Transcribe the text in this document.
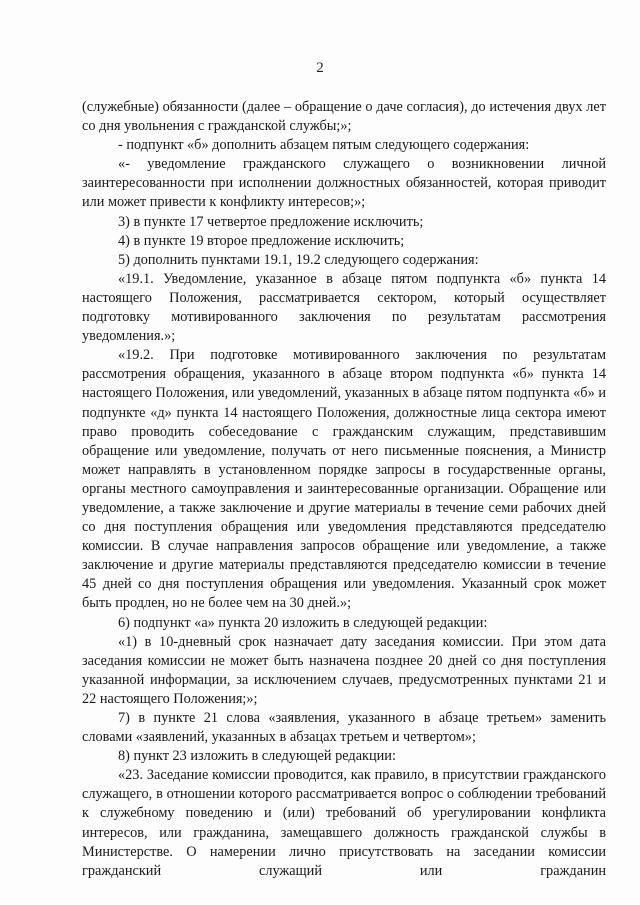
2

(служебные) обязанности (далее – обращение о даче согласия), до истечения двух лет со дня увольнения с гражданской службы;»;

- подпункт «б» дополнить абзацем пятым следующего содержания:

«- уведомление гражданского служащего о возникновении личной заинтересованности при исполнении должностных обязанностей, которая приводит или может привести к конфликту интересов;»;

3) в пункте 17 четвертое предложение исключить;

4) в пункте 19 второе предложение исключить;

5) дополнить пунктами 19.1, 19.2 следующего содержания:

«19.1. Уведомление, указанное в абзаце пятом подпункта «б» пункта 14 настоящего Положения, рассматривается сектором, который осуществляет подготовку мотивированного заключения по результатам рассмотрения уведомления.»;

«19.2. При подготовке мотивированного заключения по результатам рассмотрения обращения, указанного в абзаце втором подпункта «б» пункта 14 настоящего Положения, или уведомлений, указанных в абзаце пятом подпункта «б» и подпункте «д» пункта 14 настоящего Положения, должностные лица сектора имеют право проводить собеседование с гражданским служащим, представившим обращение или уведомление, получать от него письменные пояснения, а Министр может направлять в установленном порядке запросы в государственные органы, органы местного самоуправления и заинтересованные организации. Обращение или уведомление, а также заключение и другие материалы в течение семи рабочих дней со дня поступления обращения или уведомления представляются председателю комиссии. В случае направления запросов обращение или уведомление, а также заключение и другие материалы представляются председателю комиссии в течение 45 дней со дня поступления обращения или уведомления. Указанный срок может быть продлен, но не более чем на 30 дней.»;

6) подпункт «а» пункта 20 изложить в следующей редакции:

«1) в 10-дневный срок назначает дату заседания комиссии. При этом дата заседания комиссии не может быть назначена позднее 20 дней со дня поступления указанной информации, за исключением случаев, предусмотренных пунктами 21 и 22 настоящего Положения;»;

7) в пункте 21 слова «заявления, указанного в абзаце третьем» заменить словами «заявлений, указанных в абзацах третьем и четвертом»;

8) пункт 23 изложить в следующей редакции:

«23. Заседание комиссии проводится, как правило, в присутствии гражданского служащего, в отношении которого рассматривается вопрос о соблюдении требований к служебному поведению и (или) требований об урегулировании конфликта интересов, или гражданина, замещавшего должность гражданской службы в Министерстве. О намерении лично присутствовать на заседании комиссии гражданский служащий или гражданин
